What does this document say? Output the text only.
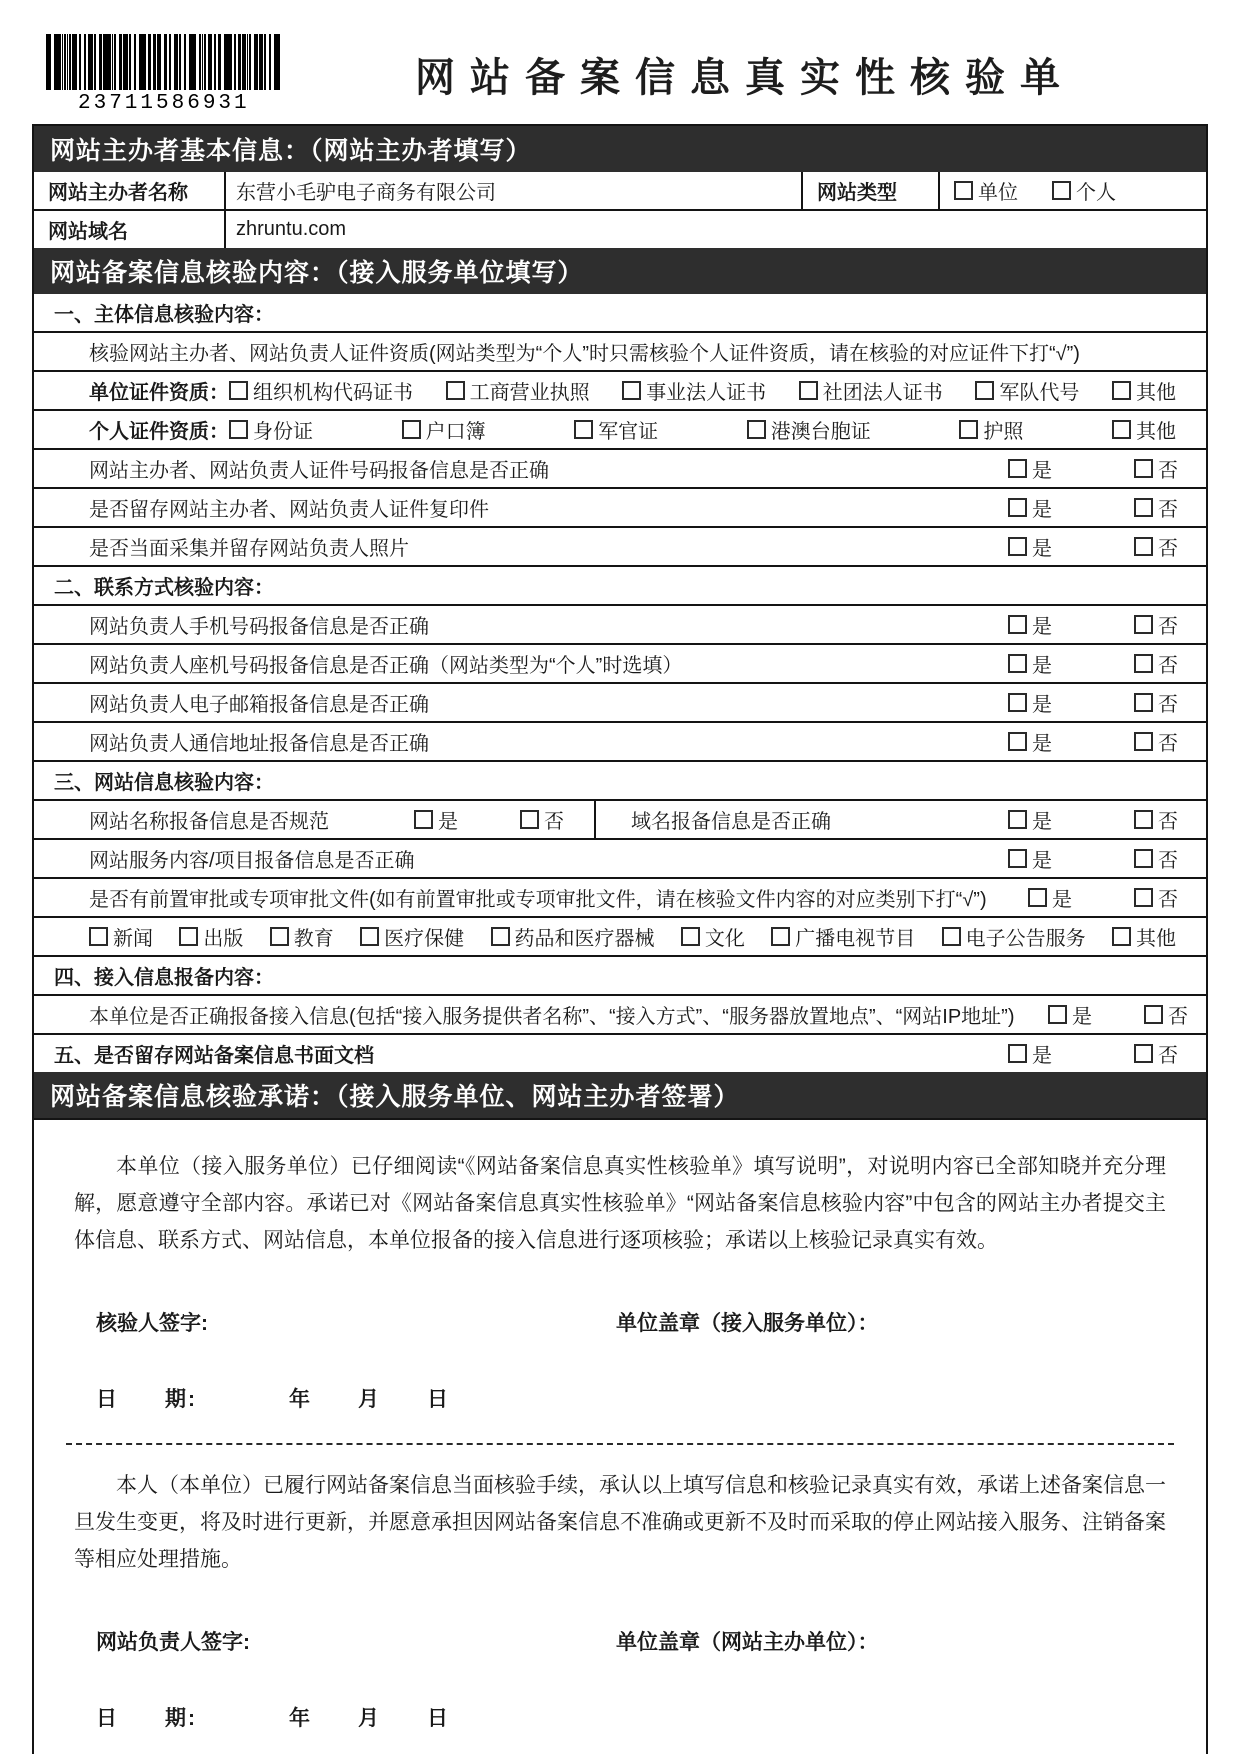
23711586931
网站备案信息真实性核验单
网站主办者基本信息：（网站主办者填写）
网站主办者名称	东营小毛驴电子商务有限公司	网站类型	单位	个人
网站域名	zhruntu.com
网站备案信息核验内容：（接入服务单位填写）
一、主体信息核验内容：
核验网站主办者、网站负责人证件资质(网站类型为“个人”时只需核验个人证件资质，请在核验的对应证件下打“√”)
单位证件资质： 组织机构代码证书	工商营业执照	事业法人证书	社团法人证书	军队代号	其他
个人证件资质： 身份证	户口簿	军官证	港澳台胞证	护照	其他
网站主办者、网站负责人证件号码报备信息是否正确	是	否
是否留存网站主办者、网站负责人证件复印件	是	否
是否当面采集并留存网站负责人照片	是	否
二、联系方式核验内容：
网站负责人手机号码报备信息是否正确	是	否
网站负责人座机号码报备信息是否正确（网站类型为“个人”时选填）	是	否
网站负责人电子邮箱报备信息是否正确	是	否
网站负责人通信地址报备信息是否正确	是	否
三、网站信息核验内容：
网站名称报备信息是否规范	是	否	域名报备信息是否正确	是	否
网站服务内容/项目报备信息是否正确	是	否
是否有前置审批或专项审批文件(如有前置审批或专项审批文件，请在核验文件内容的对应类别下打“√”)	是	否
新闻	出版	教育	医疗保健	药品和医疗器械	文化	广播电视节目	电子公告服务	其他
四、接入信息报备内容：
本单位是否正确报备接入信息(包括“接入服务提供者名称”、“接入方式”、“服务器放置地点”、“网站IP地址”)	是	否
五、是否留存网站备案信息书面文档	是	否
网站备案信息核验承诺：（接入服务单位、网站主办者签署）

本单位（接入服务单位）已仔细阅读“《网站备案信息真实性核验单》填写说明”，对说明内容已全部知晓并充分理解，愿意遵守全部内容。承诺已对《网站备案信息真实性核验单》“网站备案信息核验内容”中包含的网站主办者提交主体信息、联系方式、网站信息，本单位报备的接入信息进行逐项核验；承诺以上核验记录真实有效。

核验人签字:	单位盖章（接入服务单位）：
日　　期:　　　　年　　月　　日

本人（本单位）已履行网站备案信息当面核验手续，承认以上填写信息和核验记录真实有效，承诺上述备案信息一旦发生变更，将及时进行更新，并愿意承担因网站备案信息不准确或更新不及时而采取的停止网站接入服务、注销备案等相应处理措施。

网站负责人签字:	单位盖章（网站主办单位）：
日　　期:　　　　年　　月　　日
